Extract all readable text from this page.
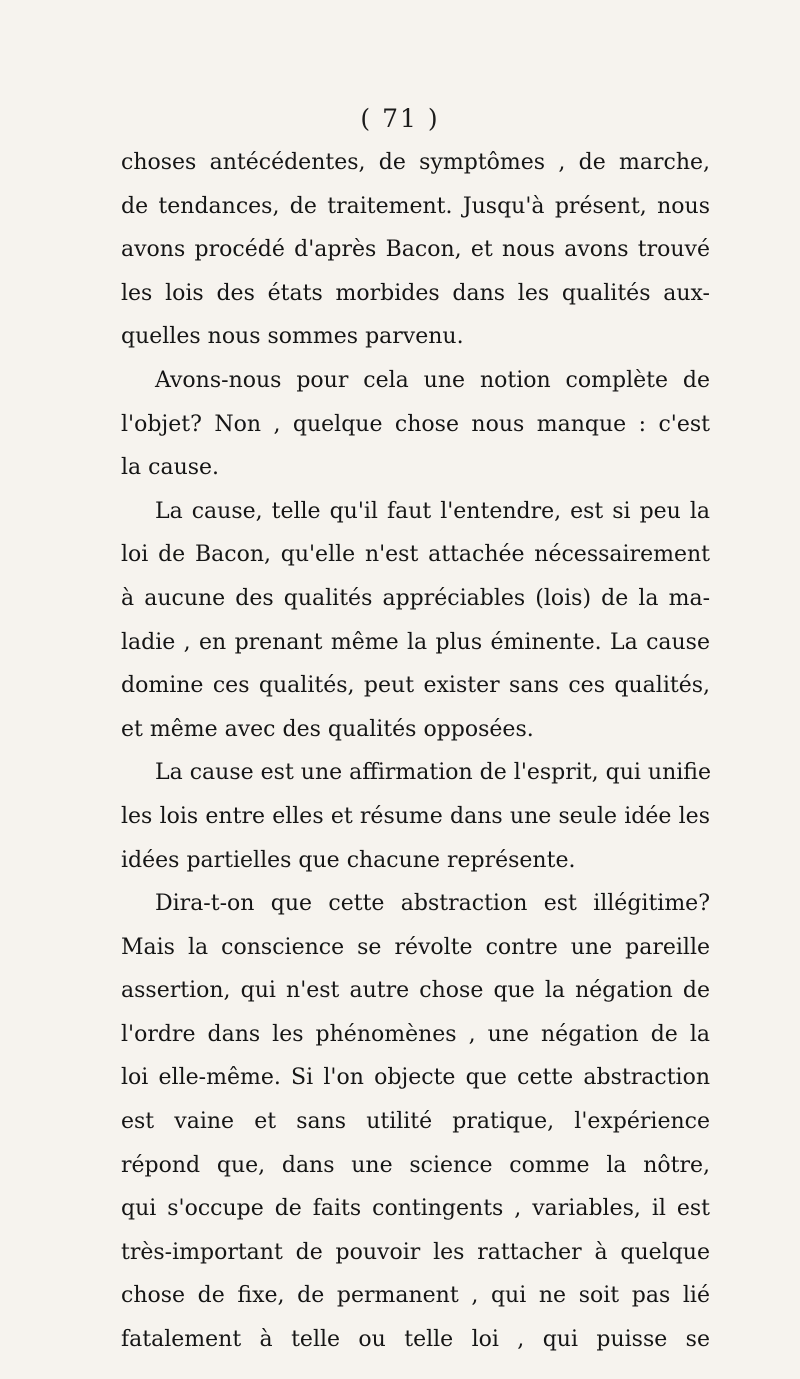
( 71 )
choses antécédentes, de symptômes , de marche,
de tendances, de traitement. Jusqu'à présent, nous
avons procédé d'après Bacon, et nous avons trouvé
les lois des états morbides dans les qualités aux-
quelles nous sommes parvenu.
Avons-nous pour cela une notion complète de
l'objet? Non , quelque chose nous manque : c'est
la cause.
La cause, telle qu'il faut l'entendre, est si peu la
loi de Bacon, qu'elle n'est attachée nécessairement
à aucune des qualités appréciables (lois) de la ma-
ladie , en prenant même la plus éminente. La cause
domine ces qualités, peut exister sans ces qualités,
et même avec des qualités opposées.
La cause est une affirmation de l'esprit, qui unifie
les lois entre elles et résume dans une seule idée les
idées partielles que chacune représente.
Dira-t-on que cette abstraction est illégitime?
Mais la conscience se révolte contre une pareille
assertion, qui n'est autre chose que la négation de
l'ordre dans les phénomènes , une négation de la
loi elle-même. Si l'on objecte que cette abstraction
est vaine et sans utilité pratique, l'expérience
répond que, dans une science comme la nôtre,
qui s'occupe de faits contingents , variables, il est
très-important de pouvoir les rattacher à quelque
chose de fixe, de permanent , qui ne soit pas lié
fatalement à telle ou telle loi , qui puisse se
